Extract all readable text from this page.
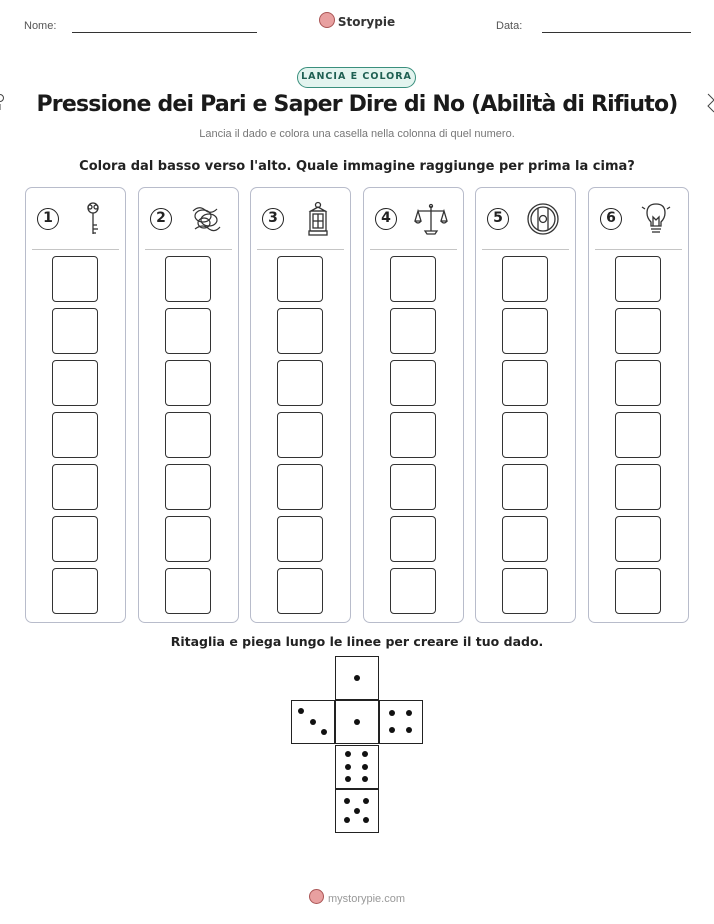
Nome:	Storypie	Data:
LANCIA E COLORA
Pressione dei Pari e Saper Dire di No (Abilità di Rifiuto)
Lancia il dado e colora una casella nella colonna di quel numero.
Colora dal basso verso l'alto. Quale immagine raggiunge per prima la cima?
1	2	3	4	5	6
Ritaglia e piega lungo le linee per creare il tuo dado.
mystorypie.com
